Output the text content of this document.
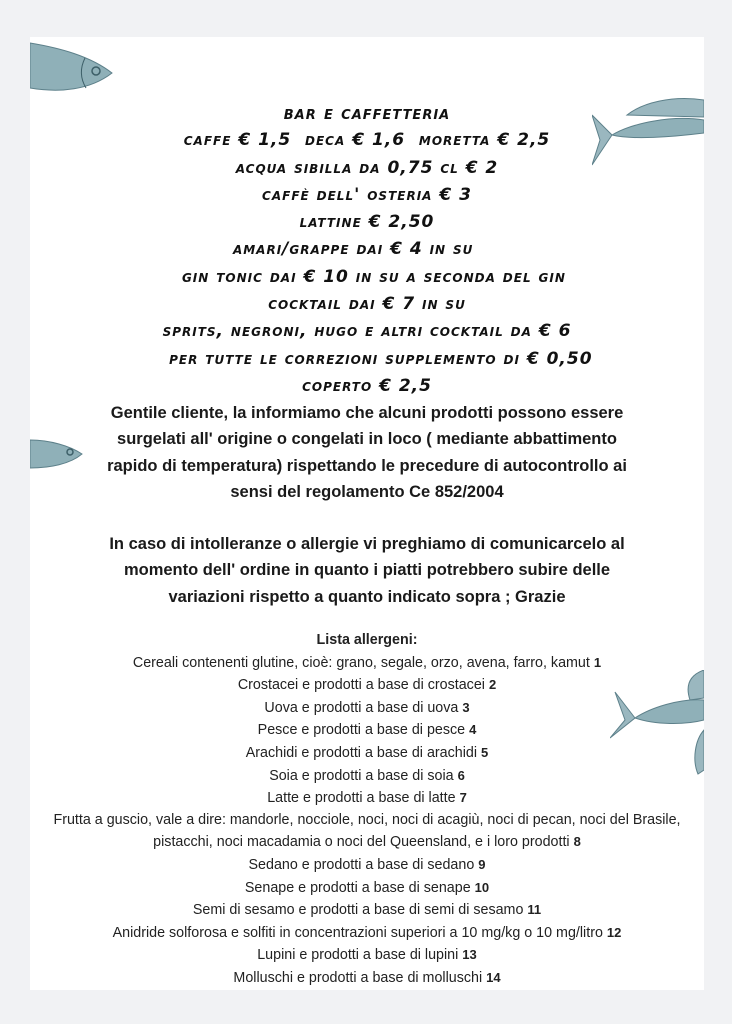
bar e caffetteria
caffe € 1,5  deca € 1,6  moretta € 2,5
acqua sibilla da 0,75 cl € 2
caffè dell' osteria € 3
lattine € 2,50
amari/grappe dai € 4 in su
gin tonic dai € 10 in su a seconda del gin
cocktail dai € 7 in su
sprits, negroni, hugo e altri cocktail da € 6
per tutte le correzioni supplemento di € 0,50
coperto € 2,5

Gentile cliente, la informiamo che alcuni prodotti possono essere surgelati all' origine o congelati in loco ( mediante abbattimento rapido di temperatura) rispettando le precedure di autocontrollo ai sensi del regolamento Ce 852/2004

In caso di intolleranze o allergie vi preghiamo di comunicarcelo al momento dell' ordine in quanto i piatti potrebbero subire delle variazioni rispetto a quanto indicato sopra ; Grazie

Lista allergeni:
Cereali contenenti glutine, cioè: grano, segale, orzo, avena, farro, kamut 1
Crostacei e prodotti a base di crostacei 2
Uova e prodotti a base di uova 3
Pesce e prodotti a base di pesce 4
Arachidi e prodotti a base di arachidi 5
Soia e prodotti a base di soia 6
Latte e prodotti a base di latte 7
Frutta a guscio, vale a dire: mandorle, nocciole, noci, noci di acagiù, noci di pecan, noci del Brasile, pistacchi, noci macadamia o noci del Queensland, e i loro prodotti 8
Sedano e prodotti a base di sedano 9
Senape e prodotti a base di senape 10
Semi di sesamo e prodotti a base di semi di sesamo 11
Anidride solforosa e solfiti in concentrazioni superiori a 10 mg/kg o 10 mg/litro 12
Lupini e prodotti a base di lupini 13
Molluschi e prodotti a base di molluschi 14
